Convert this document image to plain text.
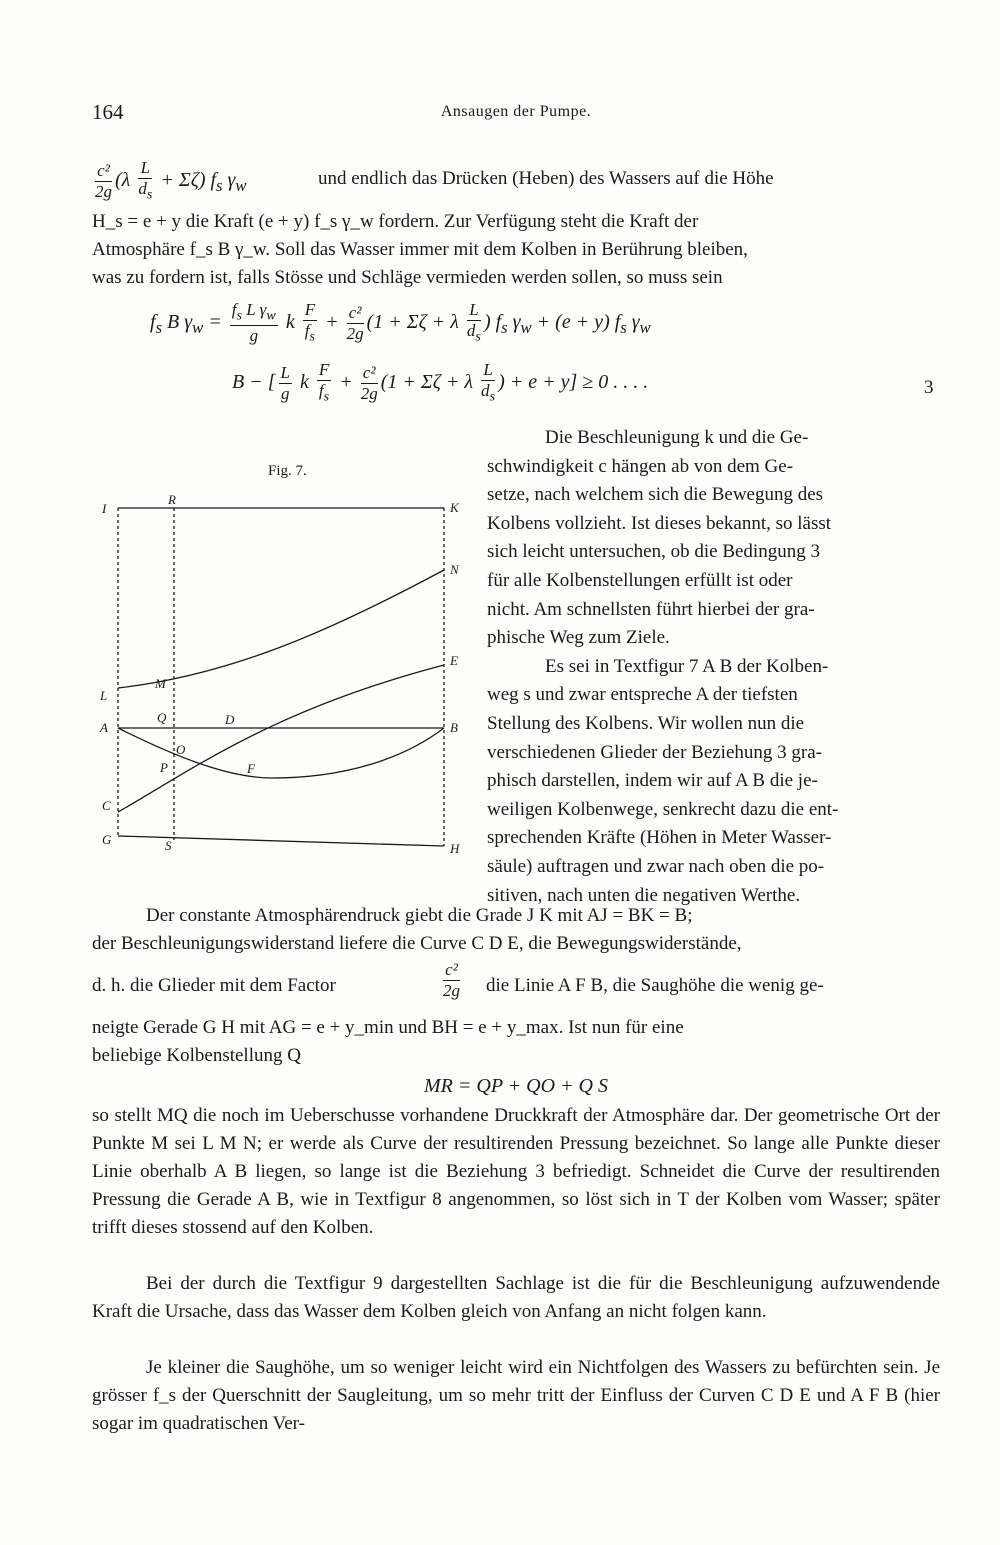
164	Ansaugen der Pumpe.
$\frac{\text{c²}}{2g} (\lambda \frac{L}{d_s} + \Sigma\zeta)$ $f_s$ $\gamma_w$	und endlich das Drücken (Heben) des Wassers auf die Höhe
H_s = e + y die Kraft (e + y) f_s γ_w fordern. Zur Verfügung steht die Kraft der
Atmosphäre f_s B γ_w. Soll das Wasser immer mit dem Kolben in Berührung bleiben,
was zu fordern ist, falls Stösse und Schläge vermieden werden sollen, so muss sein
$f_s$ B $\gamma_w = \frac{f_s L \gamma_w}{g}$ k $\frac{F}{f_s} + \frac{\text{c²}}{2g} (1 + \Sigma\zeta + \lambda \frac{L}{d_s}$ ) $f_s$ $\gamma_w + (e + y)$ $f_s$ $\gamma_w$
B − [ $\frac{L}{g}$ k $\frac{F}{f_s} + \frac{\text{c²}}{2g} (1 + \Sigma\zeta + \lambda \frac{L}{d_s}$ ) + e + y] ≥ 0 . . . .	3
Fig. 7.
I
R
K
N
E
L
M
A
Q	D
B
O
P	F
C
G	S	H
Die Beschleunigung k und die Ge-
schwindigkeit c hängen ab von dem Ge-
setze, nach welchem sich die Bewegung des
Kolbens vollzieht. Ist dieses bekannt, so lässt
sich leicht untersuchen, ob die Bedingung 3
für alle Kolbenstellungen erfüllt ist oder
nicht. Am schnellsten führt hierbei der gra-
phische Weg zum Ziele.
Es sei in Textfigur 7 A B der Kolben-
weg s und zwar entspreche A der tiefsten
Stellung des Kolbens. Wir wollen nun die
verschiedenen Glieder der Beziehung 3 gra-
phisch darstellen, indem wir auf A B die je-
weiligen Kolbenwege, senkrecht dazu die ent-
sprechenden Kräfte (Höhen in Meter Wasser-
säule) auftragen und zwar nach oben die po-
sitiven, nach unten die negativen Werthe.
Der constante Atmosphärendruck giebt die Grade J K mit AJ = BK = B;
der Beschleunigungswiderstand liefere die Curve C D E, die Bewegungswiderstände,
d. h. die Glieder mit dem Factor	$\frac{\text{c²}}{2g}$ die Linie A F B, die Saughöhe die wenig ge-
neigte Gerade G H mit AG = e + y_min und BH = e + y_max. Ist nun für eine
beliebige Kolbenstellung Q
MR = QP + QO + Q S
so stellt MQ die noch im Ueberschusse vorhandene Druckkraft der Atmosphäre dar. Der geometrische Ort der Punkte M sei L M N; er werde als Curve der resultirenden Pressung bezeichnet. So lange alle Punkte dieser Linie oberhalb A B liegen, so lange ist die Beziehung 3 befriedigt. Schneidet die Curve der resultirenden Pressung die Gerade A B, wie in Textfigur 8 angenommen, so löst sich in T der Kolben vom Wasser; später trifft dieses stossend auf den Kolben.
Bei der durch die Textfigur 9 dargestellten Sachlage ist die für die Beschleunigung aufzuwendende Kraft die Ursache, dass das Wasser dem Kolben gleich von Anfang an nicht folgen kann.
Je kleiner die Saughöhe, um so weniger leicht wird ein Nichtfolgen des Wassers zu befürchten sein. Je grösser f_s der Querschnitt der Saugleitung, um so mehr tritt der Einfluss der Curven C D E und A F B (hier sogar im quadratischen Ver-
